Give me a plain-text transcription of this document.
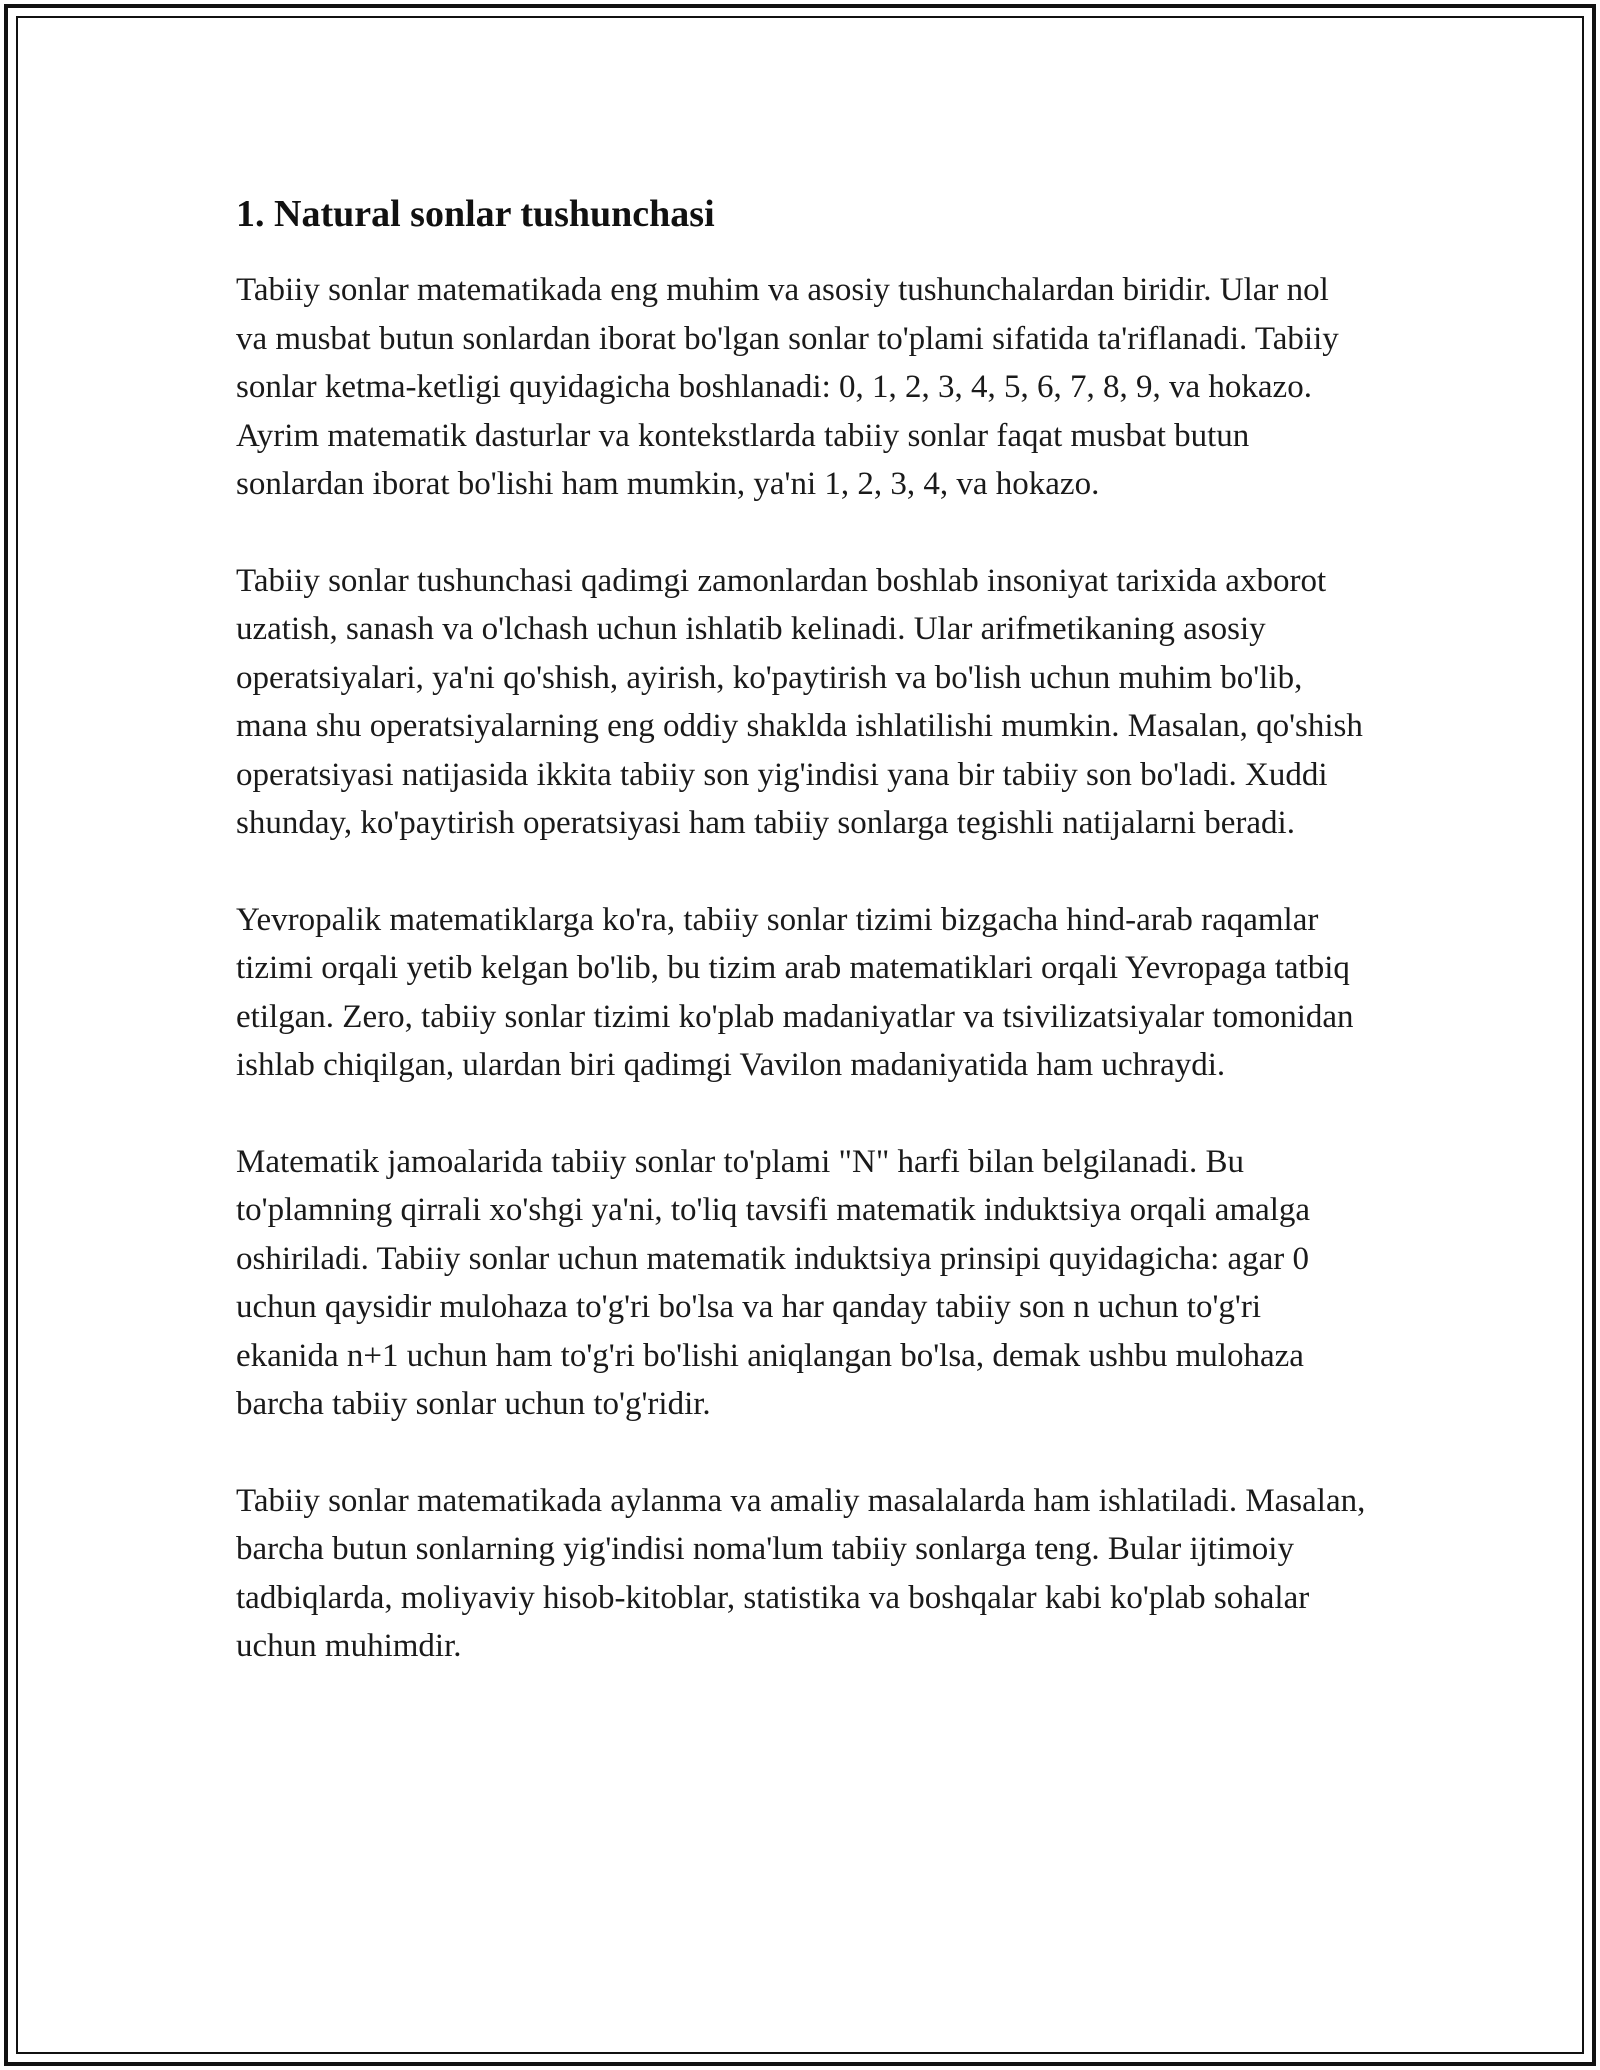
1. Natural sonlar tushunchasi

Tabiiy sonlar matematikada eng muhim va asosiy tushunchalardan biridir. Ular nol va musbat butun sonlardan iborat bo'lgan sonlar to'plami sifatida ta'riflanadi. Tabiiy sonlar ketma-ketligi quyidagicha boshlanadi: 0, 1, 2, 3, 4, 5, 6, 7, 8, 9, va hokazo. Ayrim matematik dasturlar va kontekstlarda tabiiy sonlar faqat musbat butun sonlardan iborat bo'lishi ham mumkin, ya'ni 1, 2, 3, 4, va hokazo.

Tabiiy sonlar tushunchasi qadimgi zamonlardan boshlab insoniyat tarixida axborot uzatish, sanash va o'lchash uchun ishlatib kelinadi. Ular arifmetikaning asosiy operatsiyalari, ya'ni qo'shish, ayirish, ko'paytirish va bo'lish uchun muhim bo'lib, mana shu operatsiyalarning eng oddiy shaklda ishlatilishi mumkin. Masalan, qo'shish operatsiyasi natijasida ikkita tabiiy son yig'indisi yana bir tabiiy son bo'ladi. Xuddi shunday, ko'paytirish operatsiyasi ham tabiiy sonlarga tegishli natijalarni beradi.

Yevropalik matematiklarga ko'ra, tabiiy sonlar tizimi bizgacha hind-arab raqamlar tizimi orqali yetib kelgan bo'lib, bu tizim arab matematiklari orqali Yevropaga tatbiq etilgan. Zero, tabiiy sonlar tizimi ko'plab madaniyatlar va tsivilizatsiyalar tomonidan ishlab chiqilgan, ulardan biri qadimgi Vavilon madaniyatida ham uchraydi.

Matematik jamoalarida tabiiy sonlar to'plami "N" harfi bilan belgilanadi. Bu to'plamning qirrali xo'shgi ya'ni, to'liq tavsifi matematik induktsiya orqali amalga oshiriladi. Tabiiy sonlar uchun matematik induktsiya prinsipi quyidagicha: agar 0 uchun qaysidir mulohaza to'g'ri bo'lsa va har qanday tabiiy son n uchun to'g'ri ekanida n+1 uchun ham to'g'ri bo'lishi aniqlangan bo'lsa, demak ushbu mulohaza barcha tabiiy sonlar uchun to'g'ridir.

Tabiiy sonlar matematikada aylanma va amaliy masalalarda ham ishlatiladi. Masalan, barcha butun sonlarning yig'indisi noma'lum tabiiy sonlarga teng. Bular ijtimoiy tadbiqlarda, moliyaviy hisob-kitoblar, statistika va boshqalar kabi ko'plab sohalar uchun muhimdir.
